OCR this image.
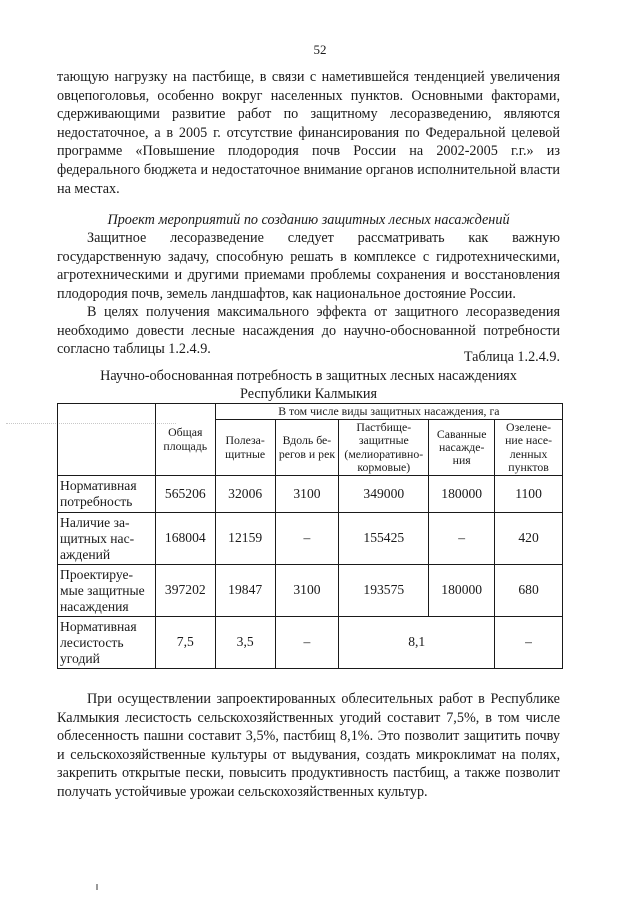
52

тающую нагрузку на пастбище, в связи с наметившейся тенденцией увеличения овцепоголовья, особенно вокруг населенных пунктов. Основными факторами, сдерживающими развитие работ по защитному лесоразведению, являются недостаточное, а в 2005 г. отсутствие финансирования по Федеральной целевой программе «Повышение плодородия почв России на 2002-2005 г.г.» из федерального бюджета и недостаточное внимание органов исполнительной власти на местах.

Проект мероприятий по созданию защитных лесных насаждений

Защитное лесоразведение следует рассматривать как важную государственную задачу, способную решать в комплексе с гидротехническими, агротехническими и другими приемами проблемы сохранения и восстановления плодородия почв, земель ландшафтов, как национальное достояние России.

В целях получения максимального эффекта от защитного лесоразведения необходимо довести лесные насаждения до научно-обоснованной потребности согласно таблицы 1.2.4.9.	Таблица 1.2.4.9.
Научно-обоснованная потребность в защитных лесных насаждениях
Республики Калмыкия
	Общая площадь	В том числе виды защитных насаждения, га				
		Полеза-щитные	Вдоль бе-регов и рек	Пастбище-защитные (мелиоративно-кормовые)	Саванные насажде-ния	Озелене-ние насе-ленных пунктов
Нормативная потребность	565206	32006	3100	349000	180000	1100
Наличие за-щитных нас-аждений	168004	12159	–	155425	–	420
Проектируе-мые защитные насаждения	397202	19847	3100	193575	180000	680
Нормативная лесистость угодий	7,5	3,5	–	8,1		–

При осуществлении запроектированных облесительных работ в Республике Калмыкия лесистость сельскохозяйственных угодий составит 7,5%, в том числе облесенность пашни составит 3,5%, пастбищ 8,1%. Это позволит защитить почву и сельскохозяйственные культуры от выдувания, создать микроклимат на полях, закрепить открытые пески, повысить продуктивность пастбищ, а также позволит получать устойчивые урожаи сельскохозяйственных культур.
